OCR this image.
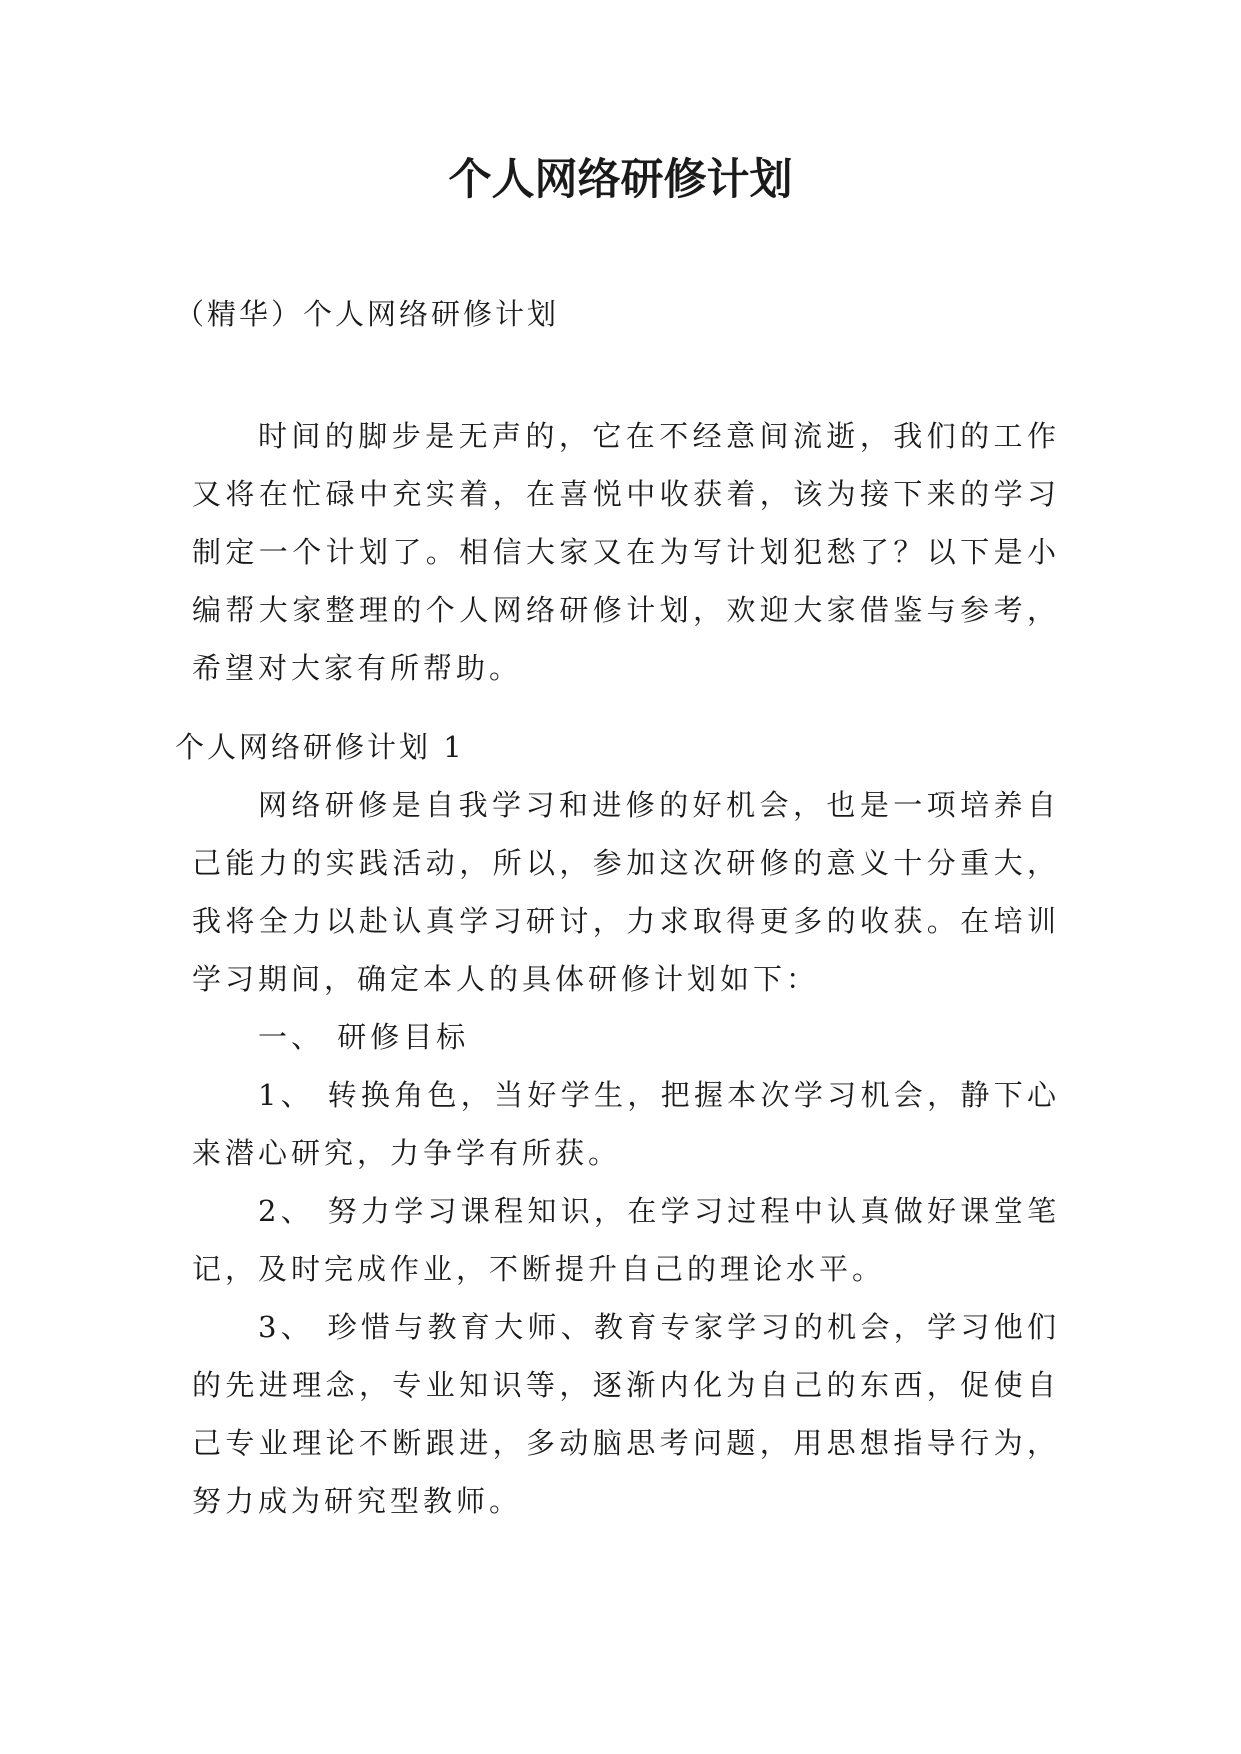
个人网络研修计划

（精华）个人网络研修计划

时间的脚步是无声的，它在不经意间流逝，我们的工作又将在忙碌中充实着，在喜悦中收获着，该为接下来的学习制定一个计划了。相信大家又在为写计划犯愁了？以下是小编帮大家整理的个人网络研修计划，欢迎大家借鉴与参考，希望对大家有所帮助。

个人网络研修计划 1

网络研修是自我学习和进修的好机会，也是一项培养自己能力的实践活动，所以，参加这次研修的意义十分重大，我将全力以赴认真学习研讨，力求取得更多的收获。在培训学习期间，确定本人的具体研修计划如下：

一、 研修目标

1、 转换角色，当好学生，把握本次学习机会，静下心来潜心研究，力争学有所获。

2、 努力学习课程知识，在学习过程中认真做好课堂笔记，及时完成作业，不断提升自己的理论水平。

3、 珍惜与教育大师、教育专家学习的机会，学习他们的先进理念，专业知识等，逐渐内化为自己的东西，促使自己专业理论不断跟进，多动脑思考问题，用思想指导行为，努力成为研究型教师。
